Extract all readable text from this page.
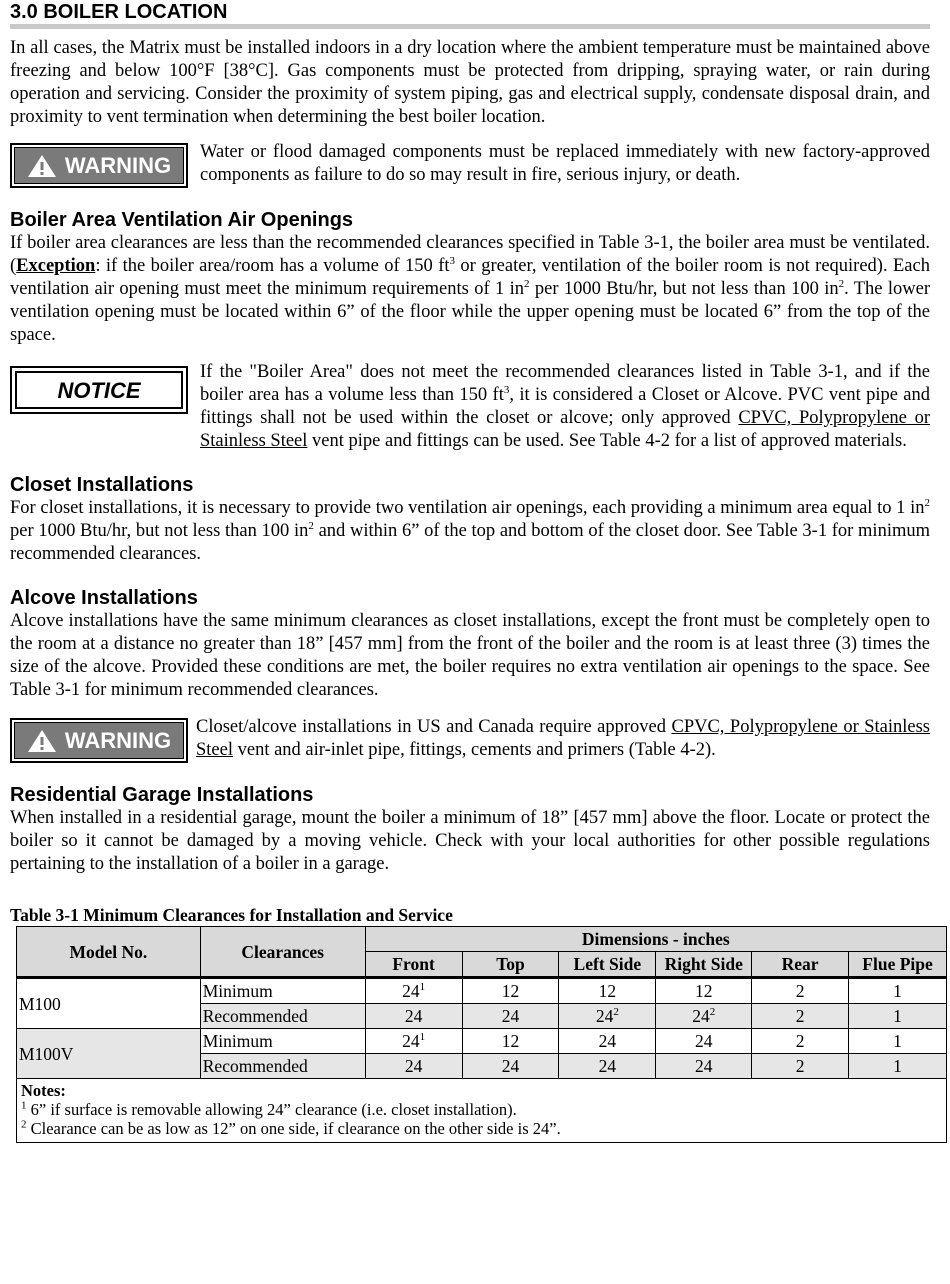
3.0 BOILER LOCATION

In all cases, the Matrix must be installed indoors in a dry location where the ambient temperature must be maintained above freezing and below 100°F [38°C]. Gas components must be protected from dripping, spraying water, or rain during operation and servicing. Consider the proximity of system piping, gas and electrical supply, condensate disposal drain, and proximity to vent termination when determining the best boiler location.

WARNING
Water or flood damaged components must be replaced immediately with new factory-approved components as failure to do so may result in fire, serious injury, or death.
Boiler Area Ventilation Air Openings

If boiler area clearances are less than the recommended clearances specified in Table 3-1, the boiler area must be ventilated. (Exception: if the boiler area/room has a volume of 150 $ft^3$ or greater, ventilation of the boiler room is not required). Each ventilation air opening must meet the minimum requirements of 1 $in^2$ per 1000 Btu/hr, but not less than 100 $in^2$. The lower ventilation opening must be located within 6” of the floor while the upper opening must be located 6” from the top of the space.

NOTICE
If the "Boiler Area" does not meet the recommended clearances listed in Table 3-1, and if the boiler area has a volume less than 150 $ft^3$, it is considered a Closet or Alcove. PVC vent pipe and fittings shall not be used within the closet or alcove; only approved CPVC, Polypropylene or Stainless Steel vent pipe and fittings can be used. See Table 4-2 for a list of approved materials.
Closet Installations

For closet installations, it is necessary to provide two ventilation air openings, each providing a minimum area equal to 1 $in^2$ per 1000 Btu/hr, but not less than 100 $in^2$ and within 6” of the top and bottom of the closet door. See Table 3-1 for minimum recommended clearances.

Alcove Installations

Alcove installations have the same minimum clearances as closet installations, except the front must be completely open to the room at a distance no greater than 18” [457 mm] from the front of the boiler and the room is at least three (3) times the size of the alcove. Provided these conditions are met, the boiler requires no extra ventilation air openings to the space. See Table 3-1 for minimum recommended clearances.

WARNING
Closet/alcove installations in US and Canada require approved CPVC, Polypropylene or Stainless Steel vent and air-inlet pipe, fittings, cements and primers (Table 4-2).
Residential Garage Installations

When installed in a residential garage, mount the boiler a minimum of 18” [457 mm] above the floor. Locate or protect the boiler so it cannot be damaged by a moving vehicle. Check with your local authorities for other possible regulations pertaining to the installation of a boiler in a garage.

Table 3-1 Minimum Clearances for Installation and Service

Model No.	Clearances	Dimensions - inches					
		Front	Top	Left Side	Right Side	Rear	Flue Pipe
M100	Minimum	$24^1$	12	12	12	2	1
	Recommended	24	24	$24^2$	$24^2$	2	1
M100V	Minimum	$24^1$	12	24	24	2	1
	Recommended	24	24	24	24	2	1

Notes:
$^1$ 6” if surface is removable allowing 24” clearance (i.e. closet installation).
$^2$ Clearance can be as low as 12” on one side, if clearance on the other side is 24”.							
